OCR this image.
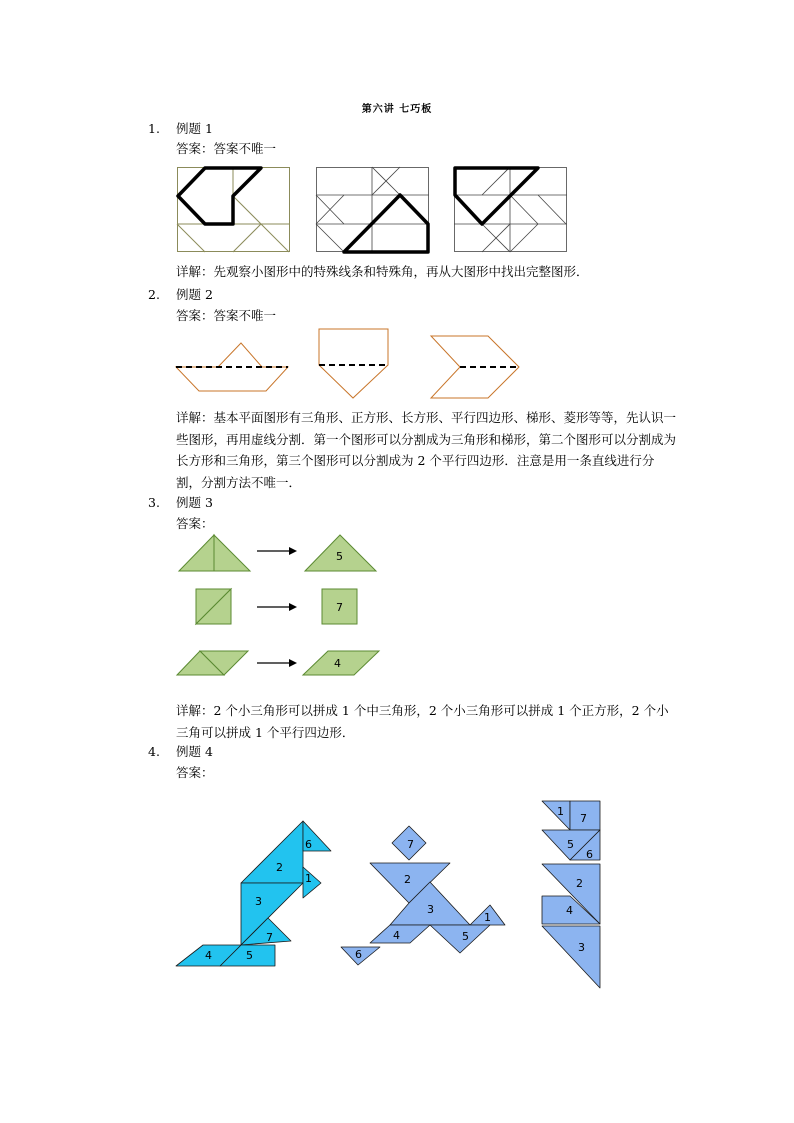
第六讲 七巧板
1. 例题 1
答案：答案不唯一
详解：先观察小图形中的特殊线条和特殊角，再从大图形中找出完整图形．
2. 例题 2
答案：答案不唯一
详解：基本平面图形有三角形、正方形、长方形、平行四边形、梯形、菱形等等，先认识一些图形，再用虚线分割．第一个图形可以分割成为三角形和梯形，第二个图形可以分割成为长方形和三角形，第三个图形可以分割成为 2 个平行四边形．注意是用一条直线进行分割，分割方法不唯一．
3. 例题 3
答案：
5
7
4
详解：2 个小三角形可以拼成 1 个中三角形，2 个小三角形可以拼成 1 个正方形，2 个小三角可以拼成 1 个平行四边形．
4. 例题 4
答案：
6
2
1
3
7
4	5
7
2
3
1
4	5
6
1
7
5
6
2
4
3
